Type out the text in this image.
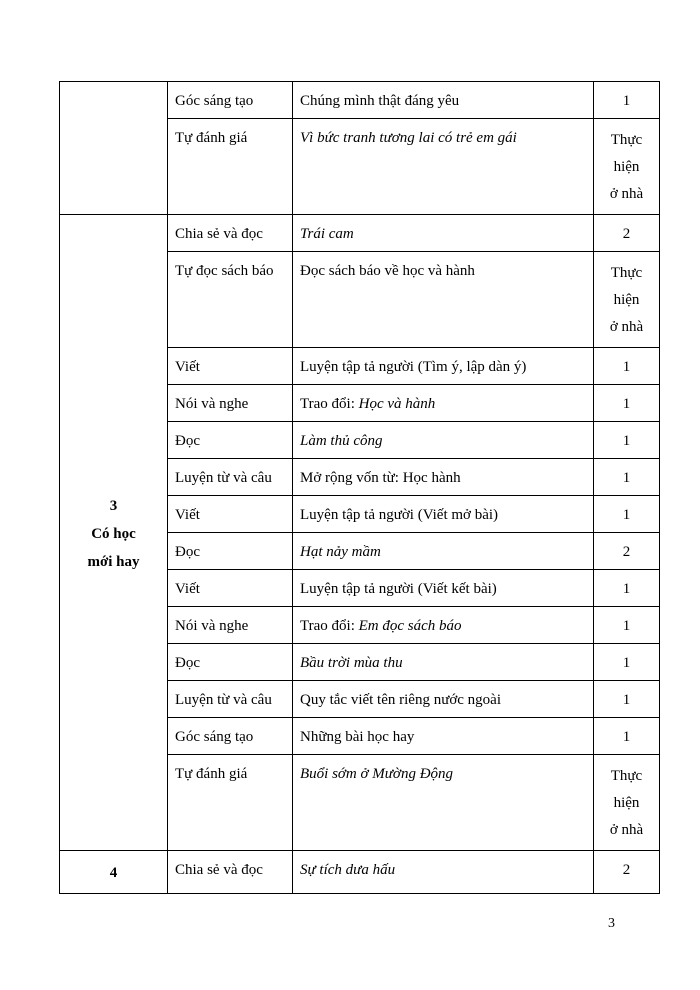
	Góc sáng tạo	Chúng mình thật đáng yêu	1
	Tự đánh giá	Vì bức tranh tương lai có trẻ em gái	Thực
hiện
ở nhà

3
Có học
mới hay	Chia sẻ và đọc	Trái cam	2
	Tự đọc sách báo	Đọc sách báo về học và hành	Thực
hiện
ở nhà

	Viết	Luyện tập tả người (Tìm ý, lập dàn ý)	1
	Nói và nghe	Trao đổi: Học và hành	1
	Đọc	Làm thủ công	1
	Luyện từ và câu	Mở rộng vốn từ: Học hành	1
	Viết	Luyện tập tả người (Viết mở bài)	1
	Đọc	Hạt nảy mầm	2
	Viết	Luyện tập tả người (Viết kết bài)	1
	Nói và nghe	Trao đổi: Em đọc sách báo	1
	Đọc	Bầu trời mùa thu	1
	Luyện từ và câu	Quy tắc viết tên riêng nước ngoài	1
	Góc sáng tạo	Những bài học hay	1
	Tự đánh giá	Buổi sớm ở Mường Động	Thực
hiện
ở nhà

4	Chia sẻ và đọc	Sự tích dưa hấu	2
3
